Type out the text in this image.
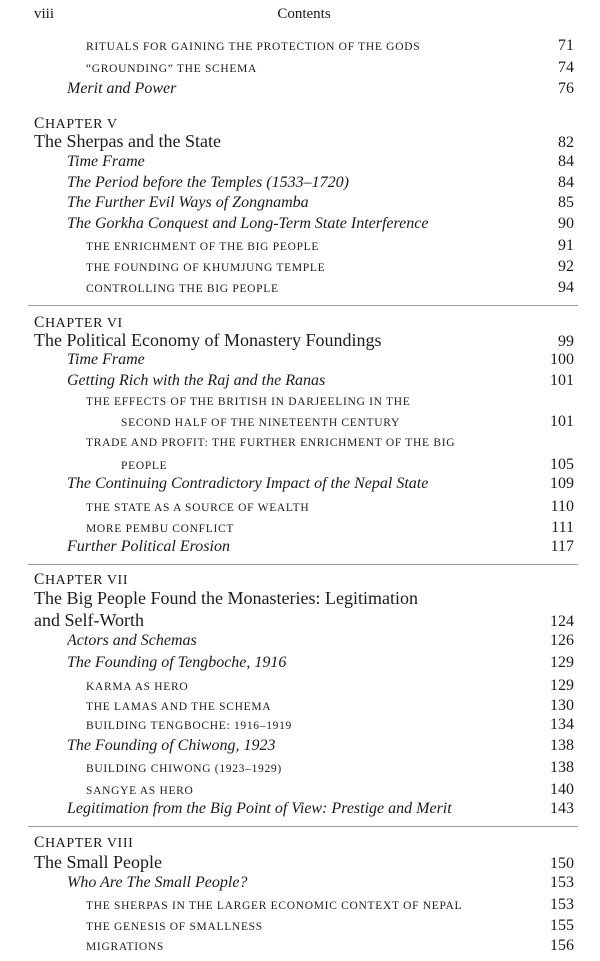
viii	Contents
RITUALS FOR GAINING THE PROTECTION OF THE GODS	71
“GROUNDING” THE SCHEMA	74
Merit and Power	76
CHAPTER V
The Sherpas and the State	82
Time Frame	84
The Period before the Temples (1533–1720)	84
The Further Evil Ways of Zongnamba	85
The Gorkha Conquest and Long-Term State Interference	90
THE ENRICHMENT OF THE BIG PEOPLE	91
THE FOUNDING OF KHUMJUNG TEMPLE	92
CONTROLLING THE BIG PEOPLE	94
CHAPTER VI
The Political Economy of Monastery Foundings	99
Time Frame	100
Getting Rich with the Raj and the Ranas	101
THE EFFECTS OF THE BRITISH IN DARJEELING IN THE
SECOND HALF OF THE NINETEENTH CENTURY	101
TRADE AND PROFIT: THE FURTHER ENRICHMENT OF THE BIG
PEOPLE	105
The Continuing Contradictory Impact of the Nepal State	109
THE STATE AS A SOURCE OF WEALTH	110
MORE PEMBU CONFLICT	111
Further Political Erosion	117
CHAPTER VII
The Big People Found the Monasteries: Legitimation
and Self-Worth	124
Actors and Schemas	126
The Founding of Tengboche, 1916	129
KARMA AS HERO	129
THE LAMAS AND THE SCHEMA	130
BUILDING TENGBOCHE: 1916–1919	134
The Founding of Chiwong, 1923	138
BUILDING CHIWONG (1923–1929)	138
SANGYE AS HERO	140
Legitimation from the Big Point of View: Prestige and Merit	143
CHAPTER VIII
The Small People	150
Who Are The Small People?	153
THE SHERPAS IN THE LARGER ECONOMIC CONTEXT OF NEPAL	153
THE GENESIS OF SMALLNESS	155
MIGRATIONS	156
